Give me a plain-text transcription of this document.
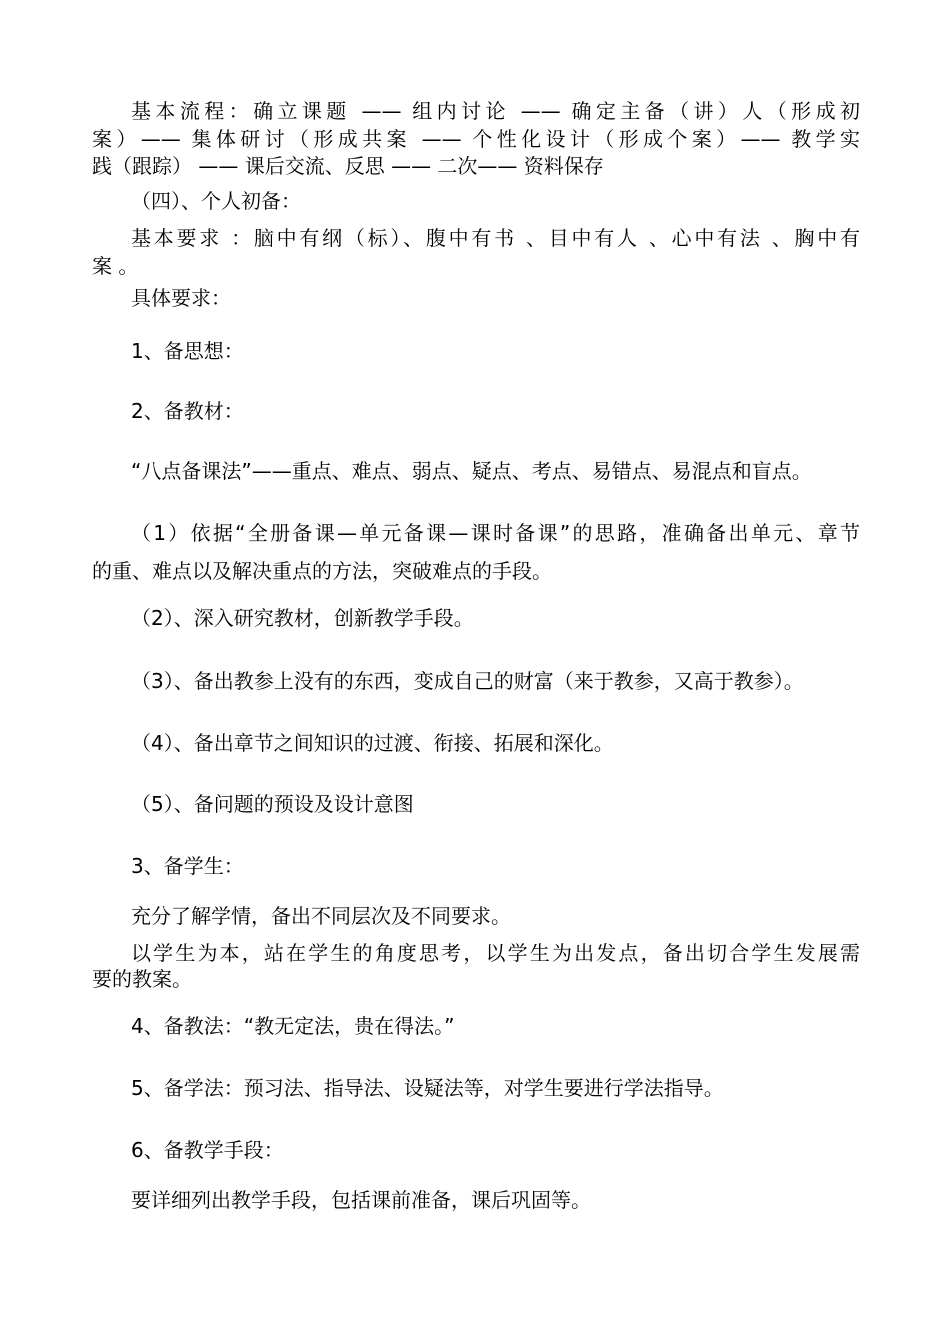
基本流程：确立课题 —— 组内讨论 —— 确定主备（讲）人（形成初
案）—— 集体研讨（形成共案 —— 个性化设计（形成个案）—— 教学实
践（跟踪） —— 课后交流、反思 —— 二次—— 资料保存
（四）、个人初备：
基本要求 ：脑中有纲（标）、腹中有书 、目中有人 、心中有法 、胸中有
案 。
具体要求：
1、备思想：
2、备教材：
“八点备课法”——重点、难点、弱点、疑点、考点、易错点、易混点和盲点。
（1）依据“全册备课—单元备课—课时备课”的思路，准确备出单元、章节
的重、难点以及解决重点的方法，突破难点的手段。
（2）、深入研究教材，创新教学手段。
（3）、备出教参上没有的东西，变成自己的财富（来于教参，又高于教参）。
（4）、备出章节之间知识的过渡、衔接、拓展和深化。
（5）、备问题的预设及设计意图
3、备学生：
充分了解学情，备出不同层次及不同要求。
以学生为本，站在学生的角度思考，以学生为出发点，备出切合学生发展需
要的教案。
4、备教法：“教无定法，贵在得法。”
5、备学法：预习法、指导法、设疑法等，对学生要进行学法指导。
6、备教学手段：
要详细列出教学手段，包括课前准备，课后巩固等。
